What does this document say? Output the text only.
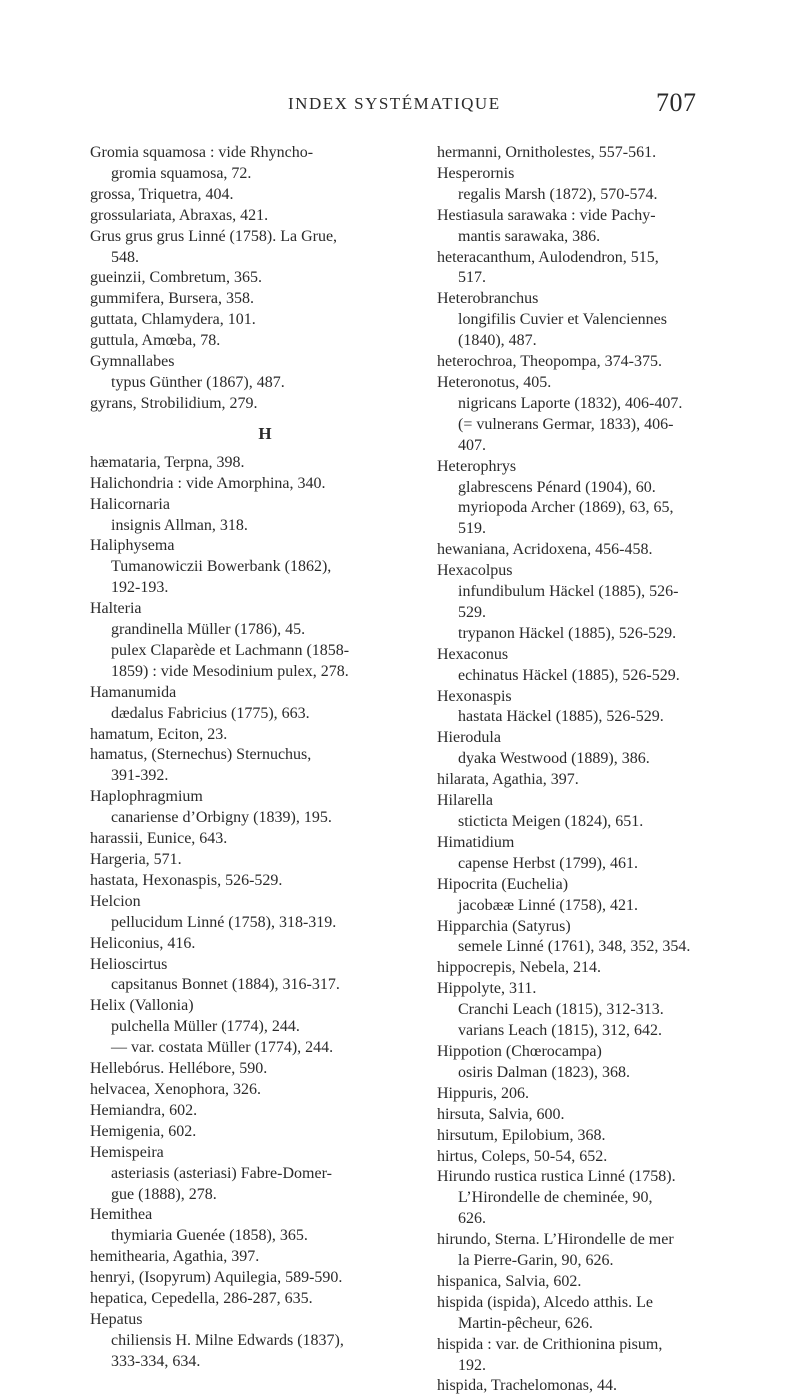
INDEX SYSTÉMATIQUE	707
Gromia squamosa : vide Rhyncho-
gromia squamosa, 72.
grossa, Triquetra, 404.
grossulariata, Abraxas, 421.
Grus grus grus Linné (1758). La Grue,
548.
gueinzii, Combretum, 365.
gummifera, Bursera, 358.
guttata, Chlamydera, 101.
guttula, Amœba, 78.
Gymnallabes
typus Günther (1867), 487.
gyrans, Strobilidium, 279.
H
hæmataria, Terpna, 398.
Halichondria : vide Amorphina, 340.
Halicornaria
insignis Allman, 318.
Haliphysema
Tumanowiczii Bowerbank (1862),
192-193.
Halteria
grandinella Müller (1786), 45.
pulex Claparède et Lachmann (1858-
1859) : vide Mesodinium pulex, 278.
Hamanumida
dædalus Fabricius (1775), 663.
hamatum, Eciton, 23.
hamatus, (Sternechus) Sternuchus,
391-392.
Haplophragmium
canariense d’Orbigny (1839), 195.
harassii, Eunice, 643.
Hargeria, 571.
hastata, Hexonaspis, 526-529.
Helcion
pellucidum Linné (1758), 318-319.
Heliconius, 416.
Helioscirtus
capsitanus Bonnet (1884), 316-317.
Helix (Vallonia)
pulchella Müller (1774), 244.
— var. costata Müller (1774), 244.
Hellebórus. Hellébore, 590.
helvacea, Xenophora, 326.
Hemiandra, 602.
Hemigenia, 602.
Hemispeira
asteriasis (asteriasi) Fabre-Domer-
gue (1888), 278.
Hemithea
thymiaria Guenée (1858), 365.
hemithearia, Agathia, 397.
henryi, (Isopyrum) Aquilegia, 589-590.
hepatica, Cepedella, 286-287, 635.
Hepatus
chiliensis H. Milne Edwards (1837),
333-334, 634.
hermanni, Ornitholestes, 557-561.
Hesperornis
regalis Marsh (1872), 570-574.
Hestiasula sarawaka : vide Pachy-
mantis sarawaka, 386.
heteracanthum, Aulodendron, 515,
517.
Heterobranchus
longifilis Cuvier et Valenciennes
(1840), 487.
heterochroa, Theopompa, 374-375.
Heteronotus, 405.
nigricans Laporte (1832), 406-407.
(= vulnerans Germar, 1833), 406-
407.
Heterophrys
glabrescens Pénard (1904), 60.
myriopoda Archer (1869), 63, 65,
519.
hewaniana, Acridoxena, 456-458.
Hexacolpus
infundibulum Häckel (1885), 526-
529.
trypanon Häckel (1885), 526-529.
Hexaconus
echinatus Häckel (1885), 526-529.
Hexonaspis
hastata Häckel (1885), 526-529.
Hierodula
dyaka Westwood (1889), 386.
hilarata, Agathia, 397.
Hilarella
sticticta Meigen (1824), 651.
Himatidium
capense Herbst (1799), 461.
Hipocrita (Euchelia)
jacobææ Linné (1758), 421.
Hipparchia (Satyrus)
semele Linné (1761), 348, 352, 354.
hippocrepis, Nebela, 214.
Hippolyte, 311.
Cranchi Leach (1815), 312-313.
varians Leach (1815), 312, 642.
Hippotion (Chœrocampa)
osiris Dalman (1823), 368.
Hippuris, 206.
hirsuta, Salvia, 600.
hirsutum, Epilobium, 368.
hirtus, Coleps, 50-54, 652.
Hirundo rustica rustica Linné (1758).
L’Hirondelle de cheminée, 90,
626.
hirundo, Sterna. L’Hirondelle de mer
la Pierre-Garin, 90, 626.
hispanica, Salvia, 602.
hispida (ispida), Alcedo atthis. Le
Martin-pêcheur, 626.
hispida : var. de Crithionina pisum,
192.
hispida, Trachelomonas, 44.
